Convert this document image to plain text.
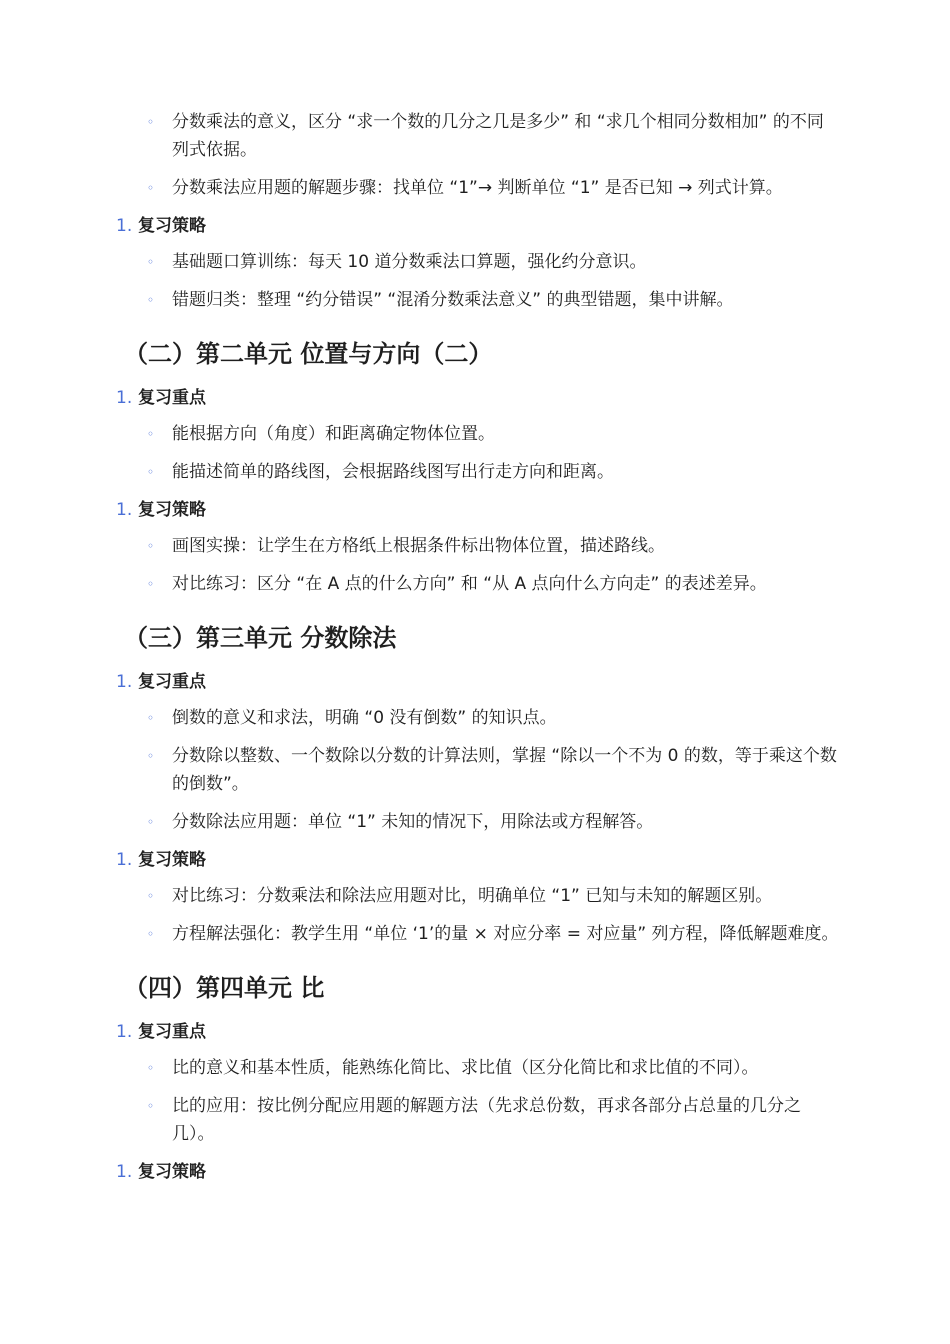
◦ 分数乘法的意义，区分 “求一个数的几分之几是多少” 和 “求几个相同分数相加” 的不同列式依据。
◦ 分数乘法应用题的解题步骤：找单位 “1”→ 判断单位 “1” 是否已知 → 列式计算。
1. 复习策略
◦ 基础题口算训练：每天 10 道分数乘法口算题，强化约分意识。
◦ 错题归类：整理 “约分错误” “混淆分数乘法意义” 的典型错题，集中讲解。
（二）第二单元 位置与方向（二）
1. 复习重点
◦ 能根据方向（角度）和距离确定物体位置。
◦ 能描述简单的路线图，会根据路线图写出行走方向和距离。
1. 复习策略
◦ 画图实操：让学生在方格纸上根据条件标出物体位置，描述路线。
◦ 对比练习：区分 “在 A 点的什么方向” 和 “从 A 点向什么方向走” 的表述差异。
（三）第三单元 分数除法
1. 复习重点
◦ 倒数的意义和求法，明确 “0 没有倒数” 的知识点。
◦ 分数除以整数、一个数除以分数的计算法则，掌握 “除以一个不为 0 的数，等于乘这个数的倒数”。
◦ 分数除法应用题：单位 “1” 未知的情况下，用除法或方程解答。
1. 复习策略
◦ 对比练习：分数乘法和除法应用题对比，明确单位 “1” 已知与未知的解题区别。
◦ 方程解法强化：教学生用 “单位 ‘1’的量 × 对应分率 = 对应量” 列方程，降低解题难度。
（四）第四单元 比
1. 复习重点
◦ 比的意义和基本性质，能熟练化简比、求比值（区分化简比和求比值的不同）。
◦ 比的应用：按比例分配应用题的解题方法（先求总份数，再求各部分占总量的几分之几）。
1. 复习策略
